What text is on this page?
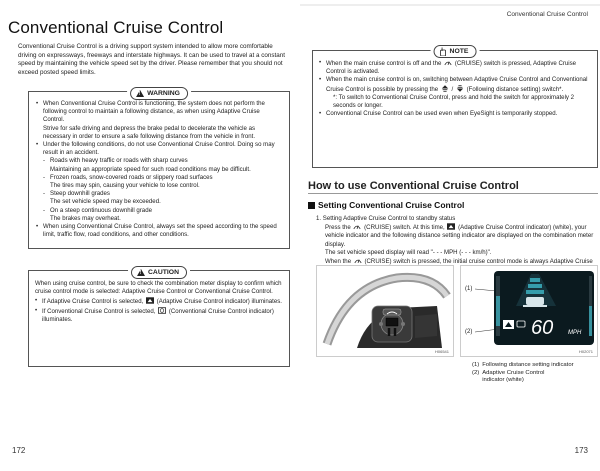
Conventional Cruise Control

Conventional Cruise Control is a driving support system intended to allow more comfortable driving on expressways, freeways and interstate highways. It can be used to travel at a constant speed by maintaining the vehicle speed set by the driver. Please remember that you should not exceed posted speed limits.

!
WARNING
• When Conventional Cruise Control is functioning, the system does not perform the following control to maintain a following distance, as when using Adaptive Cruise Control.
Strive for safe driving and depress the brake pedal to decelerate the vehicle as necessary in order to ensure a safe following distance from the vehicle in front.
• Under the following conditions, do not use Conventional Cruise Control. Doing so may result in an accident.
- Roads with heavy traffic or roads with sharp curves
Maintaining an appropriate speed for such road conditions may be difficult.
- Frozen roads, snow-covered roads or slippery road surfaces
The tires may spin, causing your vehicle to lose control.
- Steep downhill grades
The set vehicle speed may be exceeded.
- On a steep continuous downhill grade
The brakes may overheat.
• When using Conventional Cruise Control, always set the speed according to the speed limit, traffic flow, road conditions, and other conditions.
!
CAUTION

When using cruise control, be sure to check the combination meter display to confirm which cruise control mode is selected: Adaptive Cruise Control or Conventional Cruise Control.

• If Adaptive Cruise Control is selected, (Adaptive Cruise Control indicator) illuminates.
• If Conventional Cruise Control is selected, (Conventional Cruise Control indicator) illuminates.
172
Conventional Cruise Control
NOTE
• When the main cruise control is off and the (CRUISE) switch is pressed, Adaptive Cruise Control is activated.
• When the main cruise control is on, switching between Adaptive Cruise Control and Conventional Cruise Control is possible by pressing the / (Following distance setting) switch*.
*: To switch to Conventional Cruise Control, press and hold the switch for approximately 2 seconds or longer.
• Conventional Cruise Control can be used even when EyeSight is temporarily stopped.
How to use Conventional Cruise Control
Setting Conventional Cruise Control
1. Setting Adaptive Cruise Control to standby status
Press the (CRUISE) switch. At this time, (Adaptive Cruise Control indicator) (white), your vehicle indicator and the following distance setting indicator are displayed on the combination meter display.
The set vehicle speed display will read "- - - MPH (- - - km/h)".
When the (CRUISE) switch is pressed, the initial cruise control mode is always Adaptive Cruise
H06541
(1)
(2)	60 MPH
H02071
(1) Following distance setting indicator
(2) Adaptive Cruise Control indicator (white)
173
